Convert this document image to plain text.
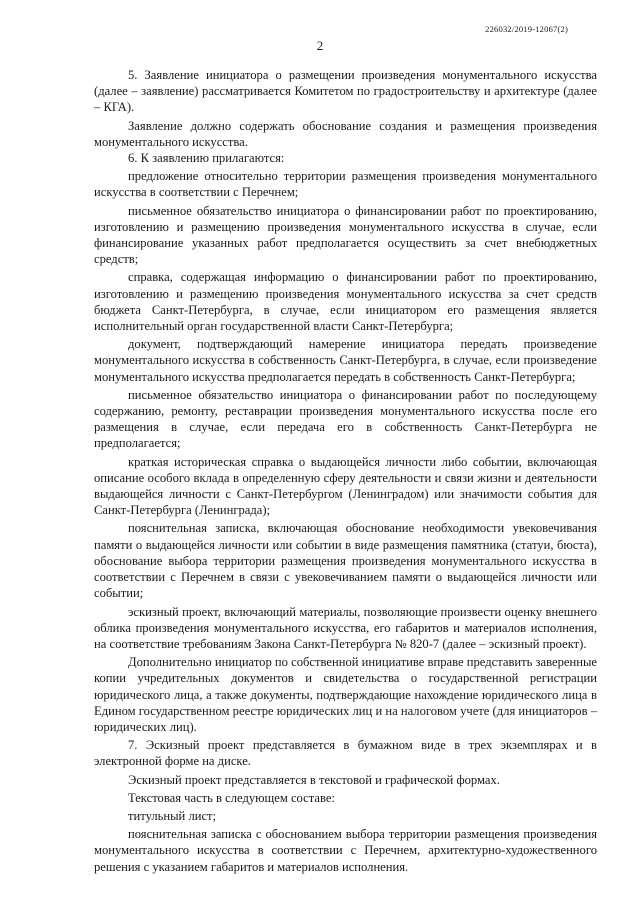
226032/2019-12067(2)
2

5. Заявление инициатора о размещении произведения монументального искусства (далее – заявление) рассматривается Комитетом по градостроительству и архитектуре (далее – КГА).

Заявление должно содержать обоснование создания и размещения произведения монументального искусства.

6. К заявлению прилагаются:

предложение относительно территории размещения произведения монументального искусства в соответствии с Перечнем;

письменное обязательство инициатора о финансировании работ по проектированию, изготовлению и размещению произведения монументального искусства в случае, если финансирование указанных работ предполагается осуществить за счет внебюджетных средств;

справка, содержащая информацию о финансировании работ по проектированию, изготовлению и размещению произведения монументального искусства за счет средств бюджета Санкт-Петербурга, в случае, если инициатором его размещения является исполнительный орган государственной власти Санкт-Петербурга;

документ, подтверждающий намерение инициатора передать произведение монументального искусства в собственность Санкт-Петербурга, в случае, если произведение монументального искусства предполагается передать в собственность Санкт-Петербурга;

письменное обязательство инициатора о финансировании работ по последующему содержанию, ремонту, реставрации произведения монументального искусства после его размещения в случае, если передача его в собственность Санкт-Петербурга не предполагается;

краткая историческая справка о выдающейся личности либо событии, включающая описание особого вклада в определенную сферу деятельности и связи жизни и деятельности выдающейся личности с Санкт-Петербургом (Ленинградом) или значимости события для Санкт-Петербурга (Ленинграда);

пояснительная записка, включающая обоснование необходимости увековечивания памяти о выдающейся личности или событии в виде размещения памятника (статуи, бюста), обоснование выбора территории размещения произведения монументального искусства в соответствии с Перечнем в связи с увековечиванием памяти о выдающейся личности или событии;

эскизный проект, включающий материалы, позволяющие произвести оценку внешнего облика произведения монументального искусства, его габаритов и материалов исполнения, на соответствие требованиям Закона Санкт-Петербурга № 820-7 (далее – эскизный проект).

Дополнительно инициатор по собственной инициативе вправе представить заверенные копии учредительных документов и свидетельства о государственной регистрации юридического лица, а также документы, подтверждающие нахождение юридического лица в Едином государственном реестре юридических лиц и на налоговом учете (для инициаторов – юридических лиц).

7. Эскизный проект представляется в бумажном виде в трех экземплярах и в электронной форме на диске.

Эскизный проект представляется в текстовой и графической формах.

Текстовая часть в следующем составе:

титульный лист;

пояснительная записка с обоснованием выбора территории размещения произведения монументального искусства в соответствии с Перечнем, архитектурно-художественного решения с указанием габаритов и материалов исполнения.
